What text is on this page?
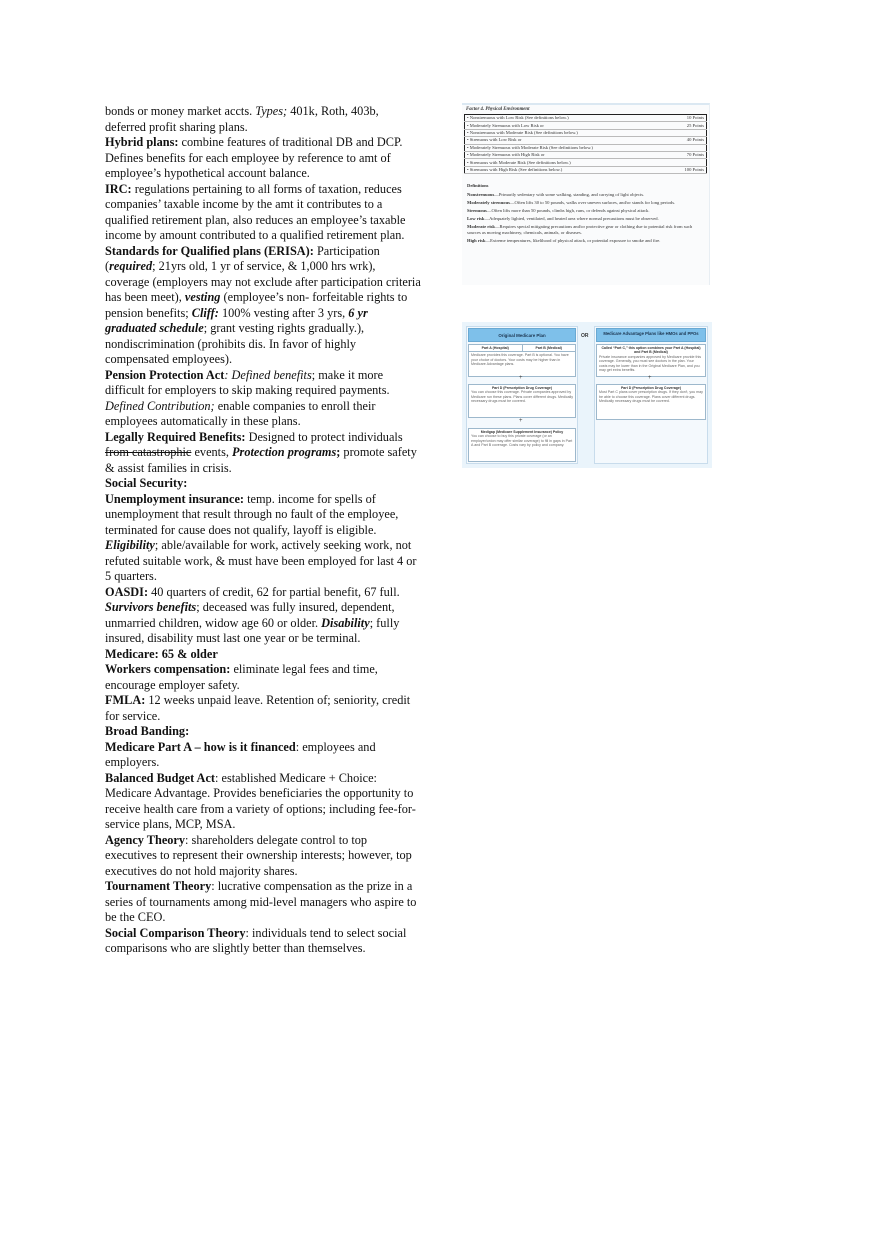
bonds or money market accts. Types; 401k, Roth, 403b, deferred profit sharing plans.

Hybrid plans: combine features of traditional DB and DCP. Defines benefits for each employee by reference to amt of employee’s hypothetical account balance.

IRC: regulations pertaining to all forms of taxation, reduces companies’ taxable income by the amt it contributes to a qualified retirement plan, also reduces an employee’s taxable income by amount contributed to a qualified retirement plan.

Standards for Qualified plans (ERISA): Participation (required; 21yrs old, 1 yr of service, & 1,000 hrs wrk), coverage (employers may not exclude after participation criteria has been meet), vesting (employee’s non- forfeitable rights to pension benefits; Cliff: 100% vesting after 3 yrs, 6 yr graduated schedule; grant vesting rights gradually.), nondiscrimination (prohibits dis. In favor of highly compensated employees).

Pension Protection Act: Defined benefits; make it more difficult for employers to skip making required payments. Defined Contribution; enable companies to enroll their employees automatically in these plans.

Legally Required Benefits: Designed to protect individuals from catastrophic events, Protection programs; promote safety & assist families in crisis.

Social Security:

Unemployment insurance: temp. income for spells of unemployment that result through no fault of the employee, terminated for cause does not qualify, layoff is eligible. Eligibility; able/available for work, actively seeking work, not refuted suitable work, & must have been employed for last 4 or 5 quarters.

OASDI: 40 quarters of credit, 62 for partial benefit, 67 full. Survivors benefits; deceased was fully insured, dependent, unmarried children, widow age 60 or older. Disability; fully insured, disability must last one year or be terminal.

Medicare: 65 & older

Workers compensation: eliminate legal fees and time, encourage employer safety.

FMLA: 12 weeks unpaid leave. Retention of; seniority, credit for service.

Broad Banding:

Medicare Part A – how is it financed: employees and employers.

Balanced Budget Act: established Medicare + Choice: Medicare Advantage. Provides beneficiaries the opportunity to receive health care from a variety of options; including fee-for-service plans, MCP, MSA.

Agency Theory: shareholders delegate control to top executives to represent their ownership interests; however, top executives do not hold majority shares.

Tournament Theory: lucrative compensation as the prize in a series of tournaments among mid-level managers who aspire to be the CEO.

Social Comparison Theory: individuals tend to select social comparisons who are slightly better than themselves.

Factor 4. Physical Environment
• Nonstrenuous with Low Risk (See definitions below.)	10 Points
• Moderately Strenuous with Low Risk or	25 Points
• Nonstrenuous with Moderate Risk (See definitions below.)	
• Strenuous with Low Risk or	40 Points
• Moderately Strenuous with Moderate Risk (See definitions below.)	
• Moderately Strenuous with High Risk or	70 Points
• Strenuous with Moderate Risk (See definitions below.)	
• Strenuous with High Risk (See definitions below.)	100 Points
Definitions
Nonstrenuous—Primarily sedentary with some walking, standing, and carrying of light objects.
Moderately strenuous—Often lifts 30 to 50 pounds, walks over uneven surfaces, and/or stands for long periods.
Strenuous—Often lifts more than 50 pounds, climbs high, runs, or defends against physical attack.
Low risk—Adequately lighted, ventilated, and heated area where normal precautions must be observed.
Moderate risk—Requires special mitigating precautions and/or protective gear or clothing due to potential risk from such sources as moving machinery, chemicals, animals, or diseases.
High risk—Extreme temperatures, likelihood of physical attack, or potential exposure to smoke and fire.
Original Medicare Plan
Part A (Hospital)	Part B (Medical)
Medicare provides this coverage. Part B is optional. You have your choice of doctors. Your costs may be higher than in Medicare Advantage plans.
+
Part D (Prescription Drug Coverage)
You can choose this coverage. Private companies approved by Medicare run these plans. Plans cover different drugs. Medically necessary drugs must be covered.
+
Medigap (Medicare Supplement Insurance) Policy
You can choose to buy this private coverage (or an employer/union may offer similar coverage) to fill in gaps in Part A and Part B coverage. Costs vary by policy and company.
OR	Medicare Advantage Plans like HMOs and PPOs
Called “Part C,” this option combines your Part A (Hospital) and Part B (Medical)
Private insurance companies approved by Medicare provide this coverage. Generally, you must see doctors in the plan. Your costs may be lower than in the Original Medicare Plan, and you may get extra benefits.
+
Part D (Prescription Drug Coverage)
Most Part C plans cover prescription drugs. If they don't, you may be able to choose this coverage. Plans cover different drugs. Medically necessary drugs must be covered.
